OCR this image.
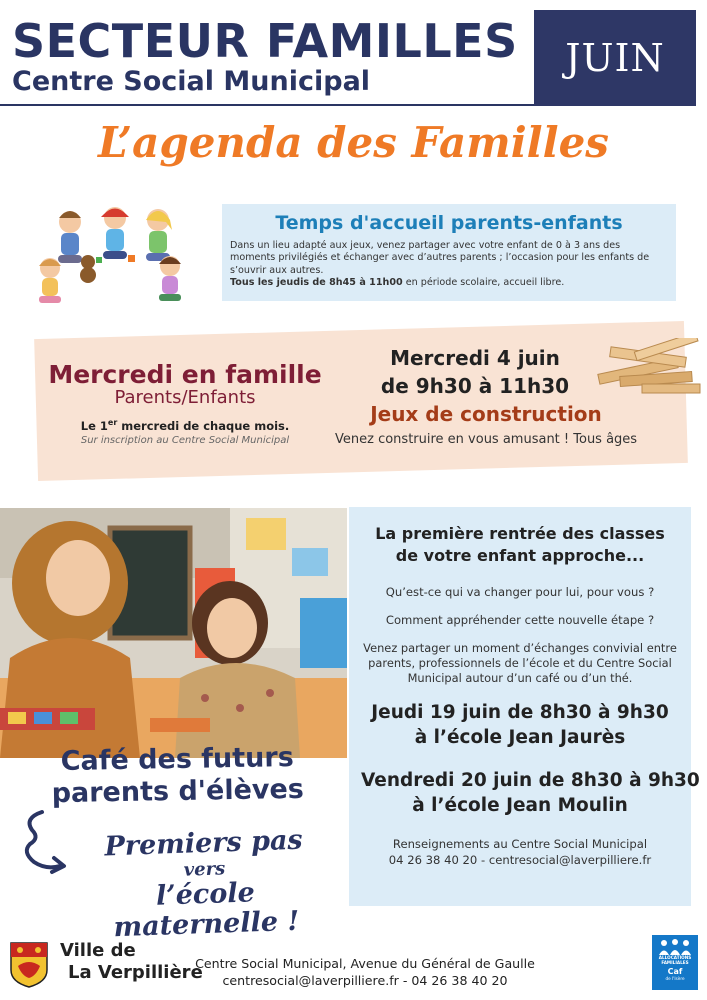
SECTEUR FAMILLES
Centre Social Municipal
JUIN
L’agenda des Familles
Temps d'accueil parents-enfants
Dans un lieu adapté aux jeux, venez partager avec votre enfant de 0 à 3 ans des moments privilégiés et échanger avec d’autres parents ; l’occasion pour les enfants de s’ouvrir aux autres.
Tous les jeudis de 8h45 à 11h00 en période scolaire, accueil libre.
Mercredi en famille
Parents/Enfants
Le 1er mercredi de chaque mois.
Sur inscription au Centre Social Municipal
Mercredi 4 juin
de 9h30 à 11h30
Jeux de construction
Venez construire en vous amusant ! Tous âges
Café des futurs
parents d'élèves
Premiers pas
vers
l’école maternelle !
La première rentrée des classes
de votre enfant approche...
Qu’est-ce qui va changer pour lui, pour vous ?
Comment appréhender cette nouvelle étape ?
Venez partager un moment d’échanges convivial entre parents, professionnels de l’école et du Centre Social Municipal autour d’un café ou d’un thé.
Jeudi 19 juin de 8h30 à 9h30
à l’école Jean Jaurès
Vendredi 20 juin de 8h30 à 9h30
à l’école Jean Moulin
Renseignements au Centre Social Municipal
04 26 38 40 20 - centresocial@laverpilliere.fr
Ville de
La Verpillière
Centre Social Municipal, Avenue du Général de Gaulle
centresocial@laverpilliere.fr - 04 26 38 40 20
ALLOCATIONS FAMILIALES
Caf
de l'Isère
